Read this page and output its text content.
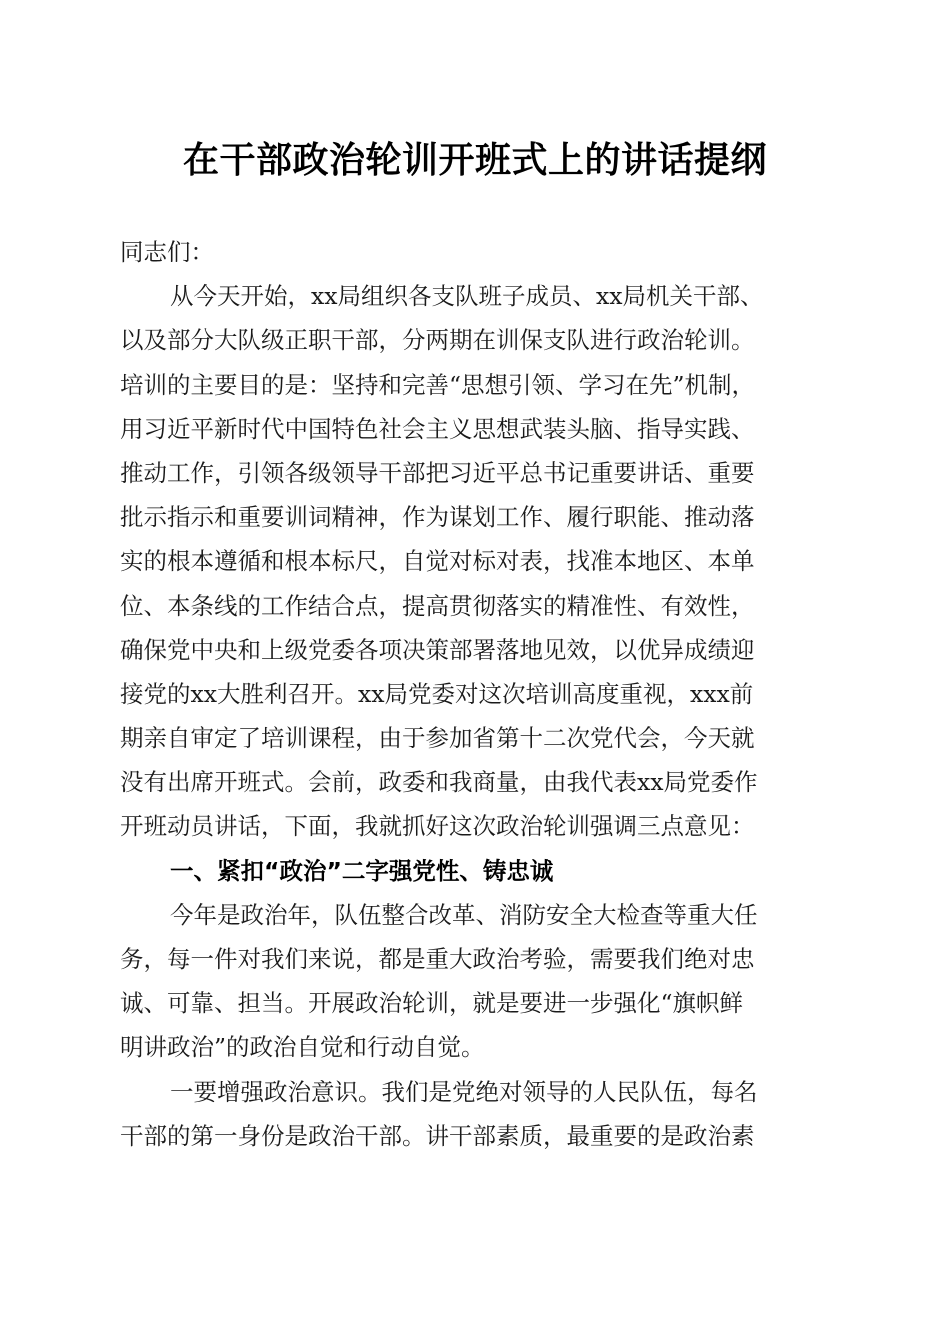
在干部政治轮训开班式上的讲话提纲
同志们：
从今天开始，xx局组织各支队班子成员、xx局机关干部、
以及部分大队级正职干部，分两期在训保支队进行政治轮训。
培训的主要目的是：坚持和完善“思想引领、学习在先”机制，
用习近平新时代中国特色社会主义思想武装头脑、指导实践、
推动工作，引领各级领导干部把习近平总书记重要讲话、重要
批示指示和重要训词精神，作为谋划工作、履行职能、推动落
实的根本遵循和根本标尺，自觉对标对表，找准本地区、本单
位、本条线的工作结合点，提高贯彻落实的精准性、有效性，
确保党中央和上级党委各项决策部署落地见效，以优异成绩迎
接党的xx大胜利召开。xx局党委对这次培训高度重视，xxx前
期亲自审定了培训课程，由于参加省第十二次党代会，今天就
没有出席开班式。会前，政委和我商量，由我代表xx局党委作
开班动员讲话，下面，我就抓好这次政治轮训强调三点意见：
一、紧扣“政治”二字强党性、铸忠诚
今年是政治年，队伍整合改革、消防安全大检查等重大任
务，每一件对我们来说，都是重大政治考验，需要我们绝对忠
诚、可靠、担当。开展政治轮训，就是要进一步强化“旗帜鲜
明讲政治”的政治自觉和行动自觉。
一要增强政治意识。我们是党绝对领导的人民队伍，每名
干部的第一身份是政治干部。讲干部素质，最重要的是政治素
